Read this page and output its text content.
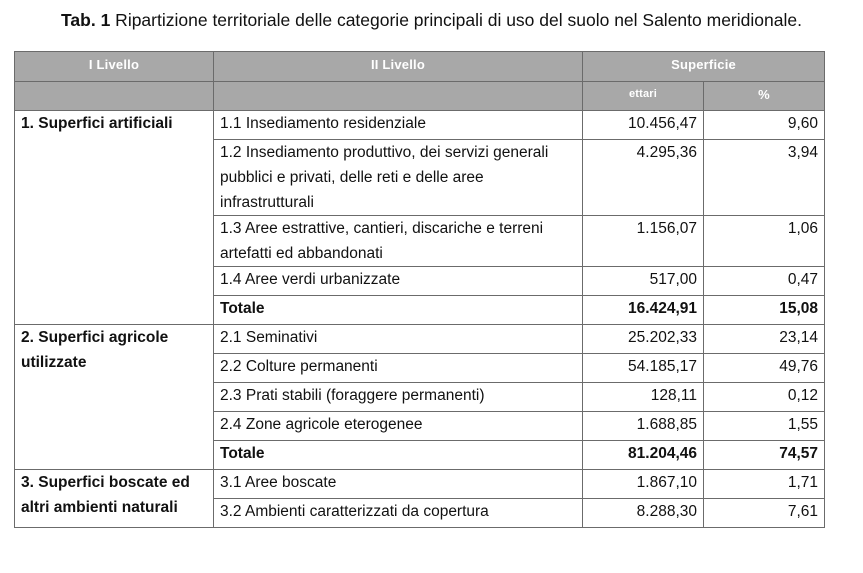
Tab. 1 Ripartizione territoriale delle categorie principali di uso del suolo nel Salento meridionale.
I Livello	II Livello	Superficie	
		ettari	%
1. Superfici artificiali	1.1 Insediamento residenziale	10.456,47	9,60
	1.2 Insediamento produttivo, dei servizi generali pubblici e privati, delle reti e delle aree infrastrutturali	4.295,36	3,94
	1.3 Aree estrattive, cantieri, discariche e terreni artefatti ed abbandonati	1.156,07	1,06
	1.4 Aree verdi urbanizzate	517,00	0,47
	Totale	16.424,91	15,08
2. Superfici agricole utilizzate	2.1 Seminativi	25.202,33	23,14
	2.2 Colture permanenti	54.185,17	49,76
	2.3 Prati stabili (foraggere permanenti)	128,11	0,12
	2.4 Zone agricole eterogenee	1.688,85	1,55
	Totale	81.204,46	74,57
3. Superfici boscate ed altri ambienti naturali	3.1 Aree boscate	1.867,10	1,71
	3.2 Ambienti caratterizzati da copertura	8.288,30	7,61
